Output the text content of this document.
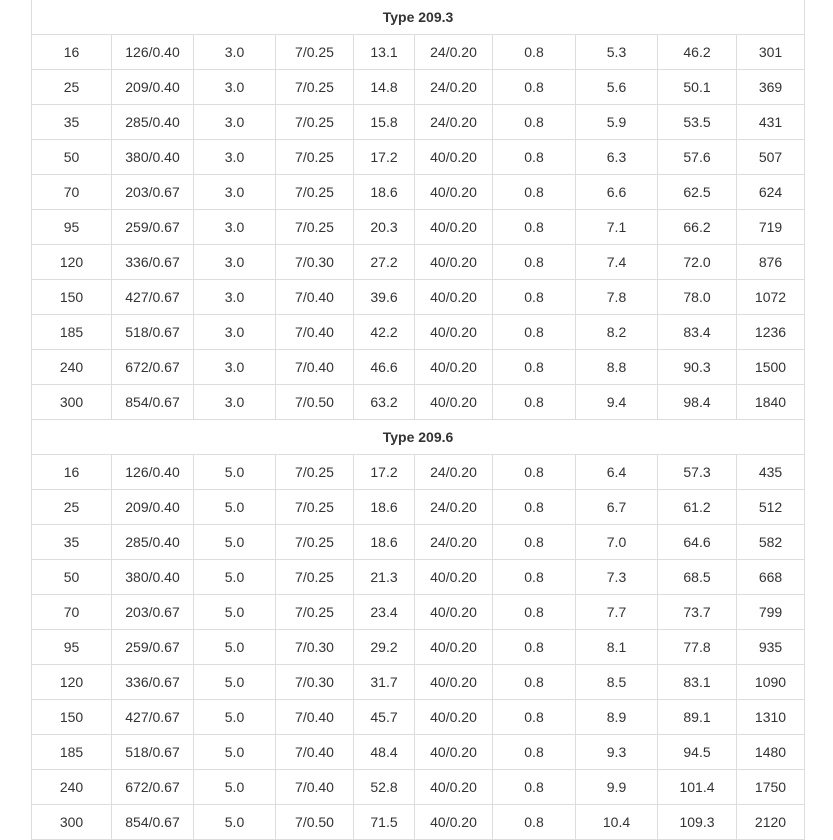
Type 209.3									
16	126/0.40	3.0	7/0.25	13.1	24/0.20	0.8	5.3	46.2	301
25	209/0.40	3.0	7/0.25	14.8	24/0.20	0.8	5.6	50.1	369
35	285/0.40	3.0	7/0.25	15.8	24/0.20	0.8	5.9	53.5	431
50	380/0.40	3.0	7/0.25	17.2	40/0.20	0.8	6.3	57.6	507
70	203/0.67	3.0	7/0.25	18.6	40/0.20	0.8	6.6	62.5	624
95	259/0.67	3.0	7/0.25	20.3	40/0.20	0.8	7.1	66.2	719
120	336/0.67	3.0	7/0.30	27.2	40/0.20	0.8	7.4	72.0	876
150	427/0.67	3.0	7/0.40	39.6	40/0.20	0.8	7.8	78.0	1072
185	518/0.67	3.0	7/0.40	42.2	40/0.20	0.8	8.2	83.4	1236
240	672/0.67	3.0	7/0.40	46.6	40/0.20	0.8	8.8	90.3	1500
300	854/0.67	3.0	7/0.50	63.2	40/0.20	0.8	9.4	98.4	1840
Type 209.6									
16	126/0.40	5.0	7/0.25	17.2	24/0.20	0.8	6.4	57.3	435
25	209/0.40	5.0	7/0.25	18.6	24/0.20	0.8	6.7	61.2	512
35	285/0.40	5.0	7/0.25	18.6	24/0.20	0.8	7.0	64.6	582
50	380/0.40	5.0	7/0.25	21.3	40/0.20	0.8	7.3	68.5	668
70	203/0.67	5.0	7/0.25	23.4	40/0.20	0.8	7.7	73.7	799
95	259/0.67	5.0	7/0.30	29.2	40/0.20	0.8	8.1	77.8	935
120	336/0.67	5.0	7/0.30	31.7	40/0.20	0.8	8.5	83.1	1090
150	427/0.67	5.0	7/0.40	45.7	40/0.20	0.8	8.9	89.1	1310
185	518/0.67	5.0	7/0.40	48.4	40/0.20	0.8	9.3	94.5	1480
240	672/0.67	5.0	7/0.40	52.8	40/0.20	0.8	9.9	101.4	1750
300	854/0.67	5.0	7/0.50	71.5	40/0.20	0.8	10.4	109.3	2120
